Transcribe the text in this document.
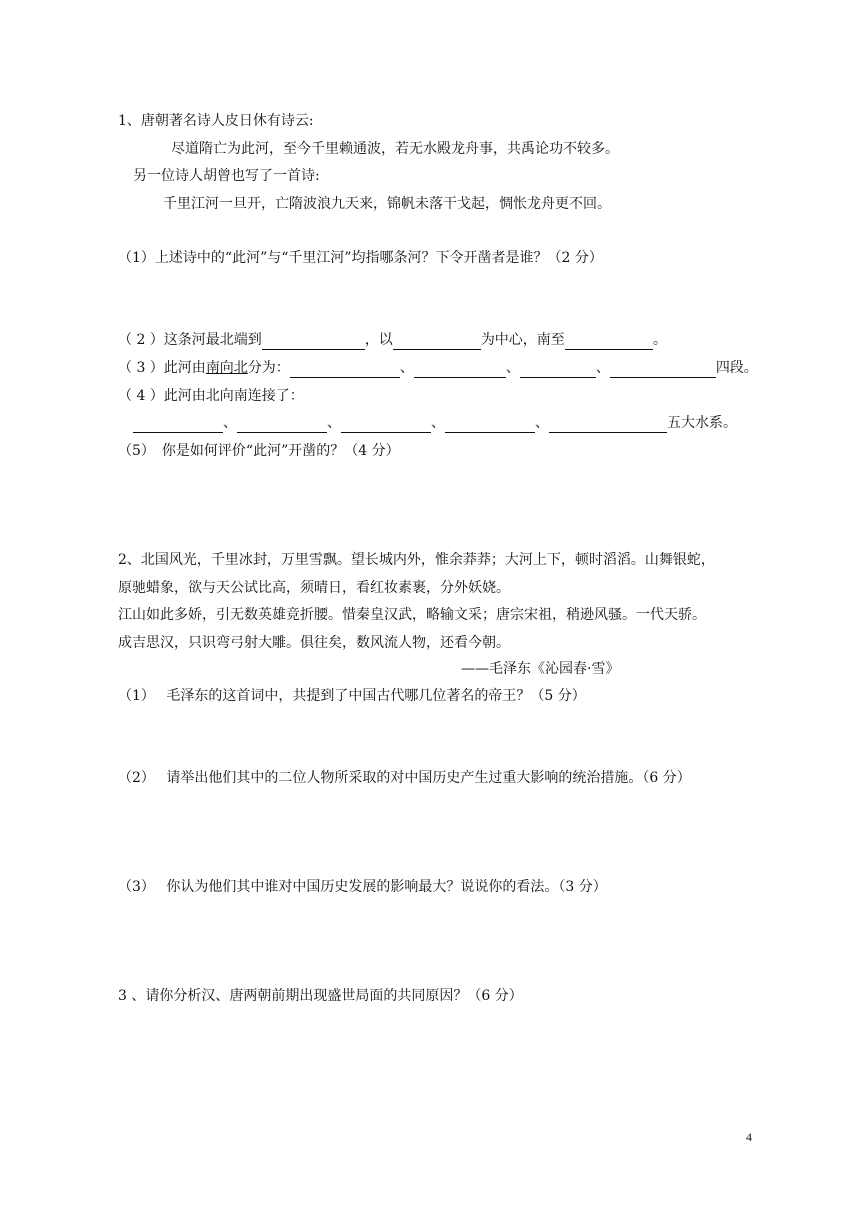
1、唐朝著名诗人皮日休有诗云:
尽道隋亡为此河，至今千里赖通波，若无水殿龙舟事，共禹论功不较多。
另一位诗人胡曾也写了一首诗:
千里江河一旦开，亡隋波浪九天来，锦帆未落干戈起，惆怅龙舟更不回。
（1）上述诗中的“此河”与“千里江河”均指哪条河？下令开凿者是谁？（2 分）
（ 2 ）这条河最北端到	，以	为中心，南至	。
（ 3 ）此河由南向北分为：	、	、	、	四段。
（ 4 ）此河由北向南连接了：
、	、	、	、	五大水系。
（5）　你是如何评价“此河”开凿的？（4 分）
2、北国风光，千里冰封，万里雪飘。望长城内外，惟余莽莽；大河上下，顿时滔滔。山舞银蛇，
原驰蜡象，欲与天公试比高，须晴日，看红妆素裹，分外妖娆。
江山如此多娇，引无数英雄竞折腰。惜秦皇汉武，略输文采；唐宗宋祖，稍逊风骚。一代天骄。
成吉思汉，只识弯弓射大雕。俱往矣，数风流人物，还看今朝。
——毛泽东《沁园春·雪》
（1）　 毛泽东的这首词中，共提到了中国古代哪几位著名的帝王？（5 分）
（2）　 请举出他们其中的二位人物所采取的对中国历史产生过重大影响的统治措施。（6 分）
（3）　 你认为他们其中谁对中国历史发展的影响最大？说说你的看法。（3 分）
3 、请你分析汉、唐两朝前期出现盛世局面的共同原因？（6 分）
4
